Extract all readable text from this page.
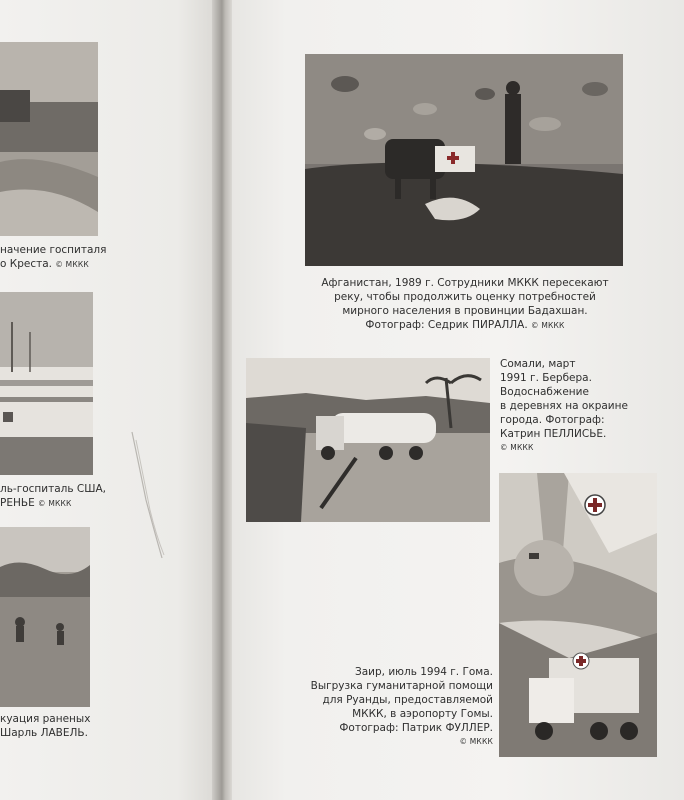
начение госпиталя
о Креста. © МККК
ль-госпиталь США,
РЕНЬЕ © МККК
куация раненых
Шарль ЛАВЕЛЬ.
Афганистан, 1989 г. Сотрудники МККК пересекают
реку, чтобы продолжить оценку потребностей
мирного населения в провинции Бадахшан.
Фотограф: Седрик ПИРАЛЛА. © МККК
Сомали, март
1991 г. Бербера.
Водоснабжение
в деревнях на окраине
города. Фотограф:
Катрин ПЕЛЛИСЬЕ.
© МККК
Заир, июль 1994 г. Гома.
Выгрузка гуманитарной помощи
для Руанды, предоставляемой
МККК, в аэропорту Гомы.
Фотограф: Патрик ФУЛЛЕР.
© МККК
